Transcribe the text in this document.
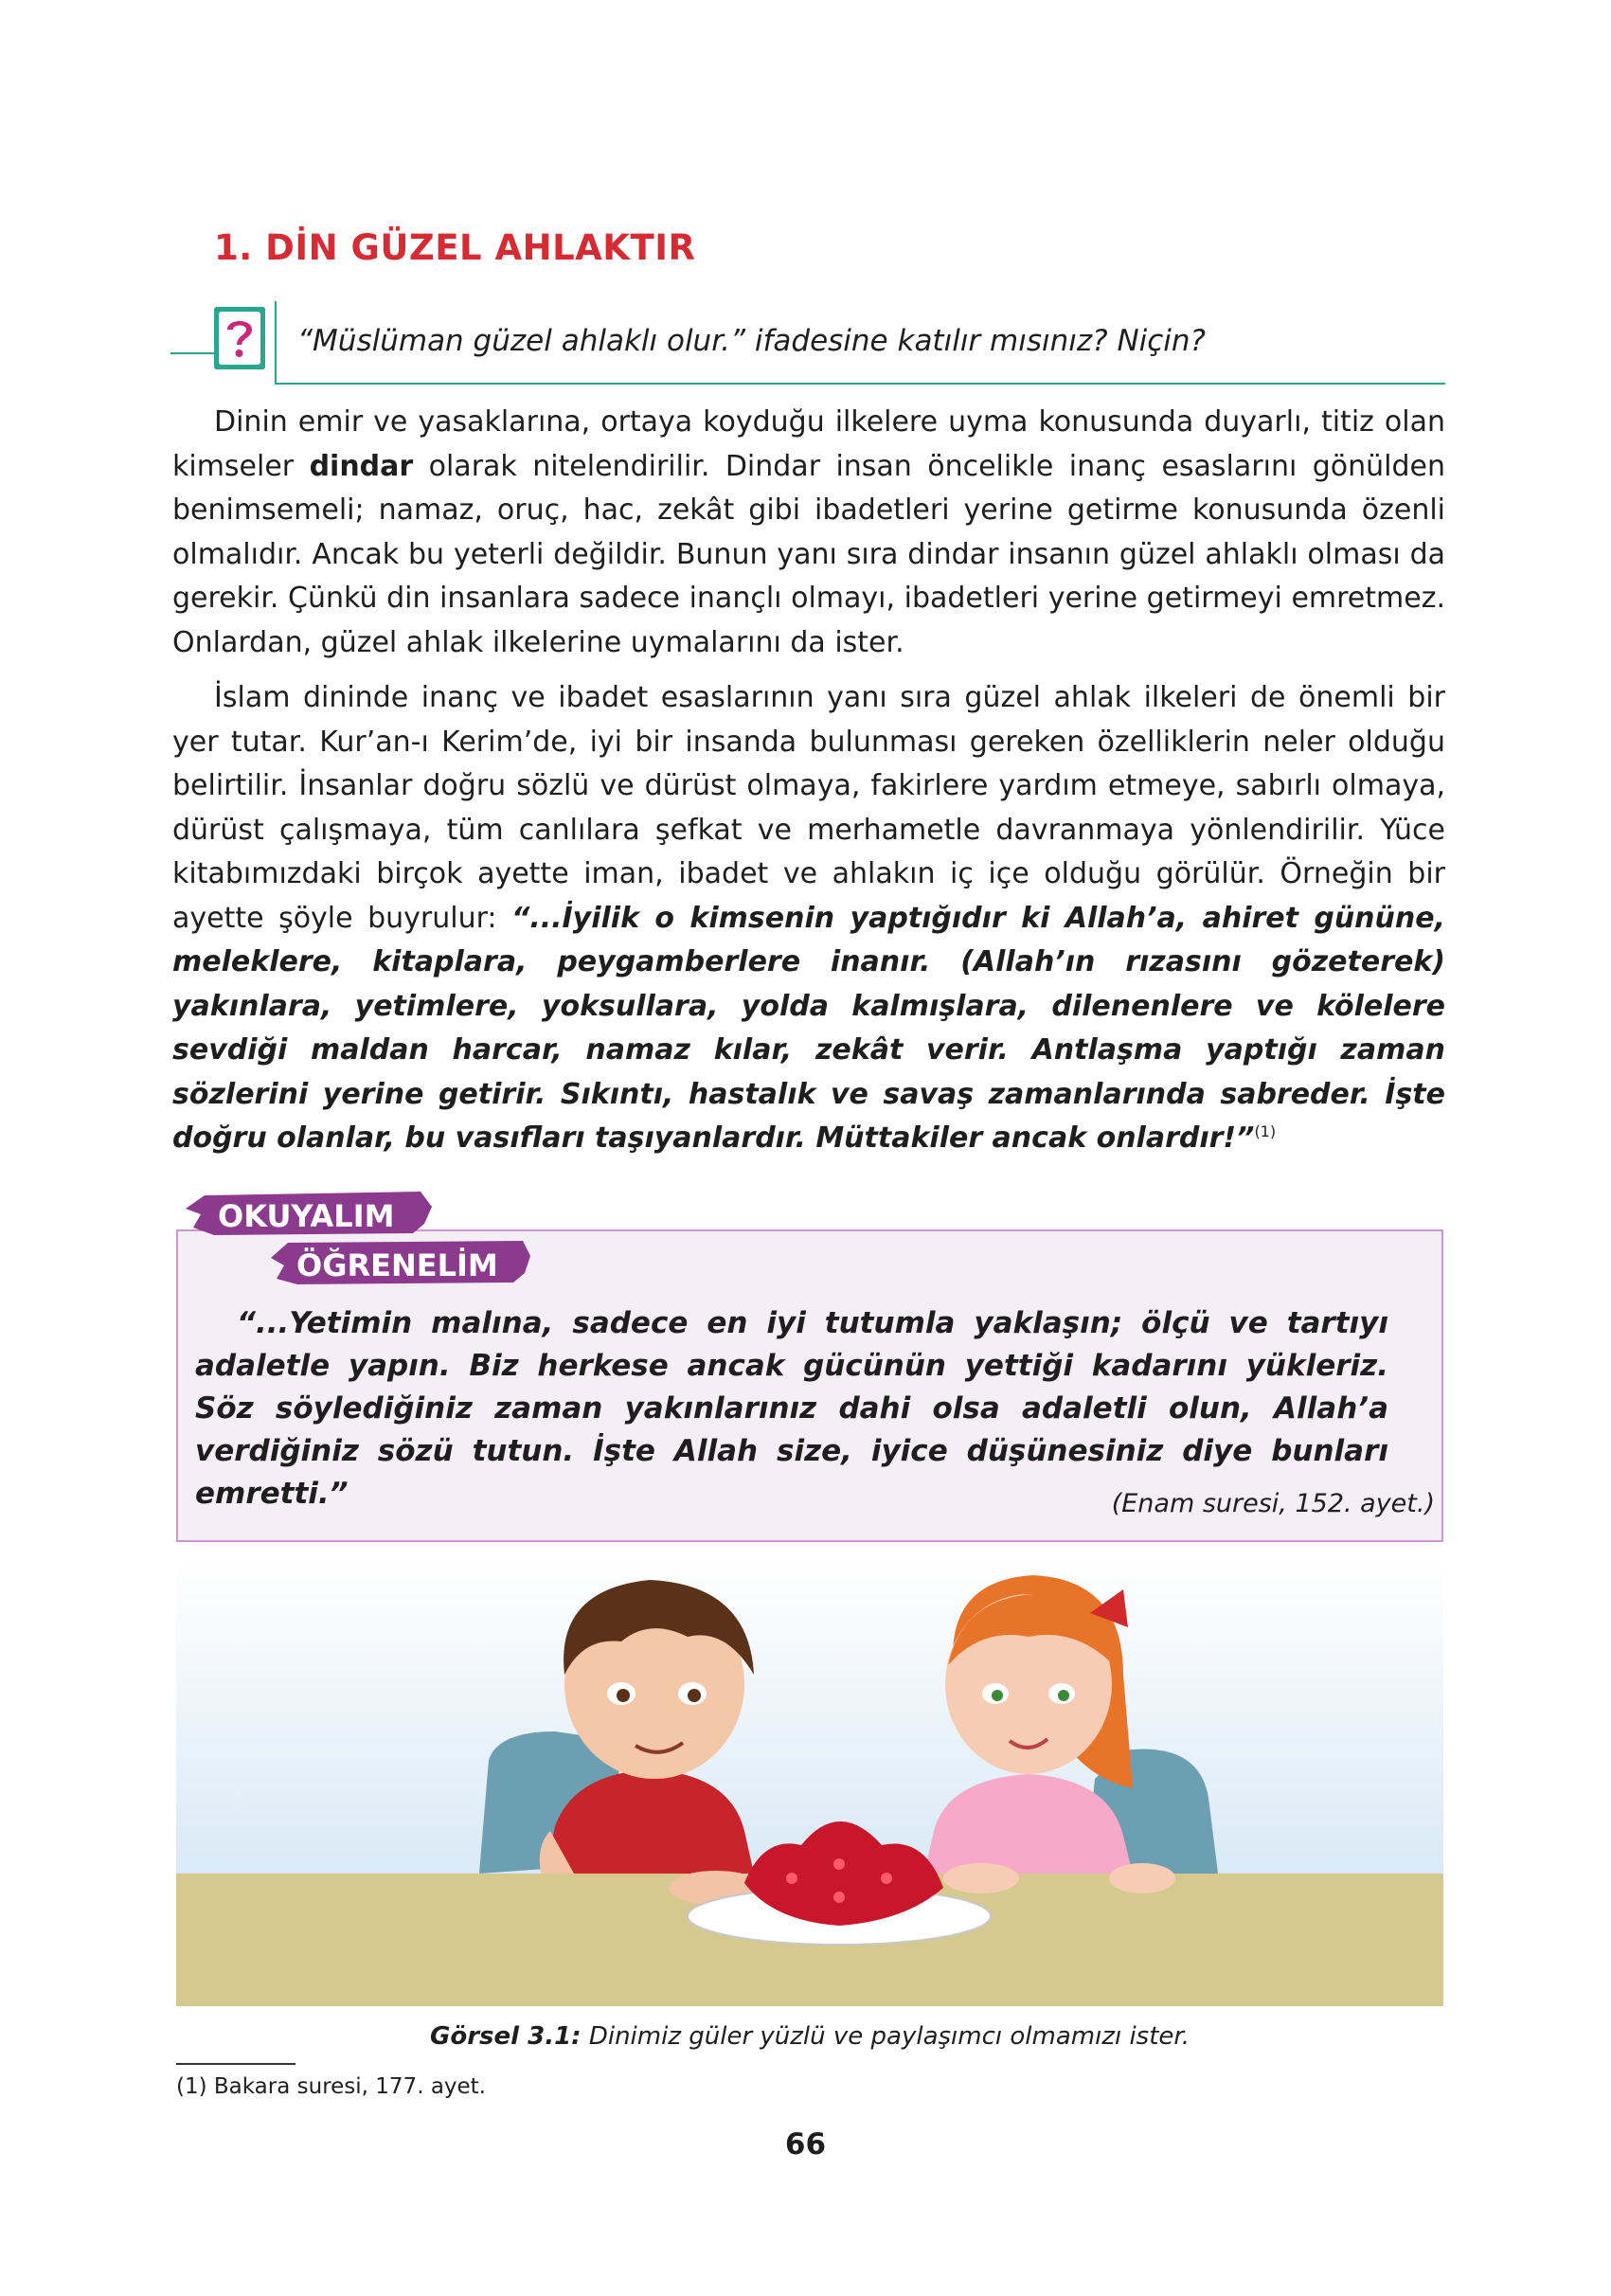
1. DİN GÜZEL AHLAKTIR
“Müslüman güzel ahlaklı olur.” ifadesine katılır mısınız? Niçin?

Dinin emir ve yasaklarına, ortaya koyduğu ilkelere uyma konusunda duyarlı, titiz olan kimseler dindar olarak nitelendirilir. Dindar insan öncelikle inanç esaslarını gönülden benimsemeli; namaz, oruç, hac, zekât gibi ibadetleri yerine getirme konusunda özenli olmalıdır. Ancak bu yeterli değildir. Bunun yanı sıra dindar insanın güzel ahlaklı olması da gerekir. Çünkü din insanlara sadece inançlı olmayı, ibadetleri yerine getirmeyi emretmez. Onlardan, güzel ahlak ilkelerine uymalarını da ister.

İslam dininde inanç ve ibadet esaslarının yanı sıra güzel ahlak ilkeleri de önemli bir yer tutar. Kur’an-ı Kerim’de, iyi bir insanda bulunması gereken özelliklerin neler olduğu belirtilir. İnsanlar doğru sözlü ve dürüst olmaya, fakirlere yardım etmeye, sabırlı olmaya, dürüst çalışmaya, tüm canlılara şefkat ve merhametle davranmaya yönlendirilir. Yüce kitabımızdaki birçok ayette iman, ibadet ve ahlakın iç içe olduğu görülür. Örneğin bir ayette şöyle buyrulur: “...İyilik o kimsenin yaptığıdır ki Allah’a, ahiret gününe, meleklere, kitaplara, peygamberlere inanır. (Allah’ın rızasını gözeterek) yakınlara, yetimlere, yoksullara, yolda kalmışlara, dilenenlere ve kölelere sevdiği maldan harcar, namaz kılar, zekât verir. Antlaşma yaptığı zaman sözlerini yerine getirir. Sıkıntı, hastalık ve savaş zamanlarında sabreder. İşte doğru olanlar, bu vasıfları taşıyanlardır. Müttakiler ancak onlardır!”$^{(1)}$

OKUYALIM
ÖĞRENELİM

“...Yetimin malına, sadece en iyi tutumla yaklaşın; ölçü ve tartıyı adaletle yapın. Biz herkese ancak gücünün yettiği kadarını yükleriz. Söz söylediğiniz zaman yakınlarınız dahi olsa adaletli olun, Allah’a verdiğiniz sözü tutun. İşte Allah size, iyice düşünesiniz diye bunları emretti.”	(Enam suresi, 152. ayet.)
Görsel 3.1: Dinimiz güler yüzlü ve paylaşımcı olmamızı ister.
(1) Bakara suresi, 177. ayet.
66
